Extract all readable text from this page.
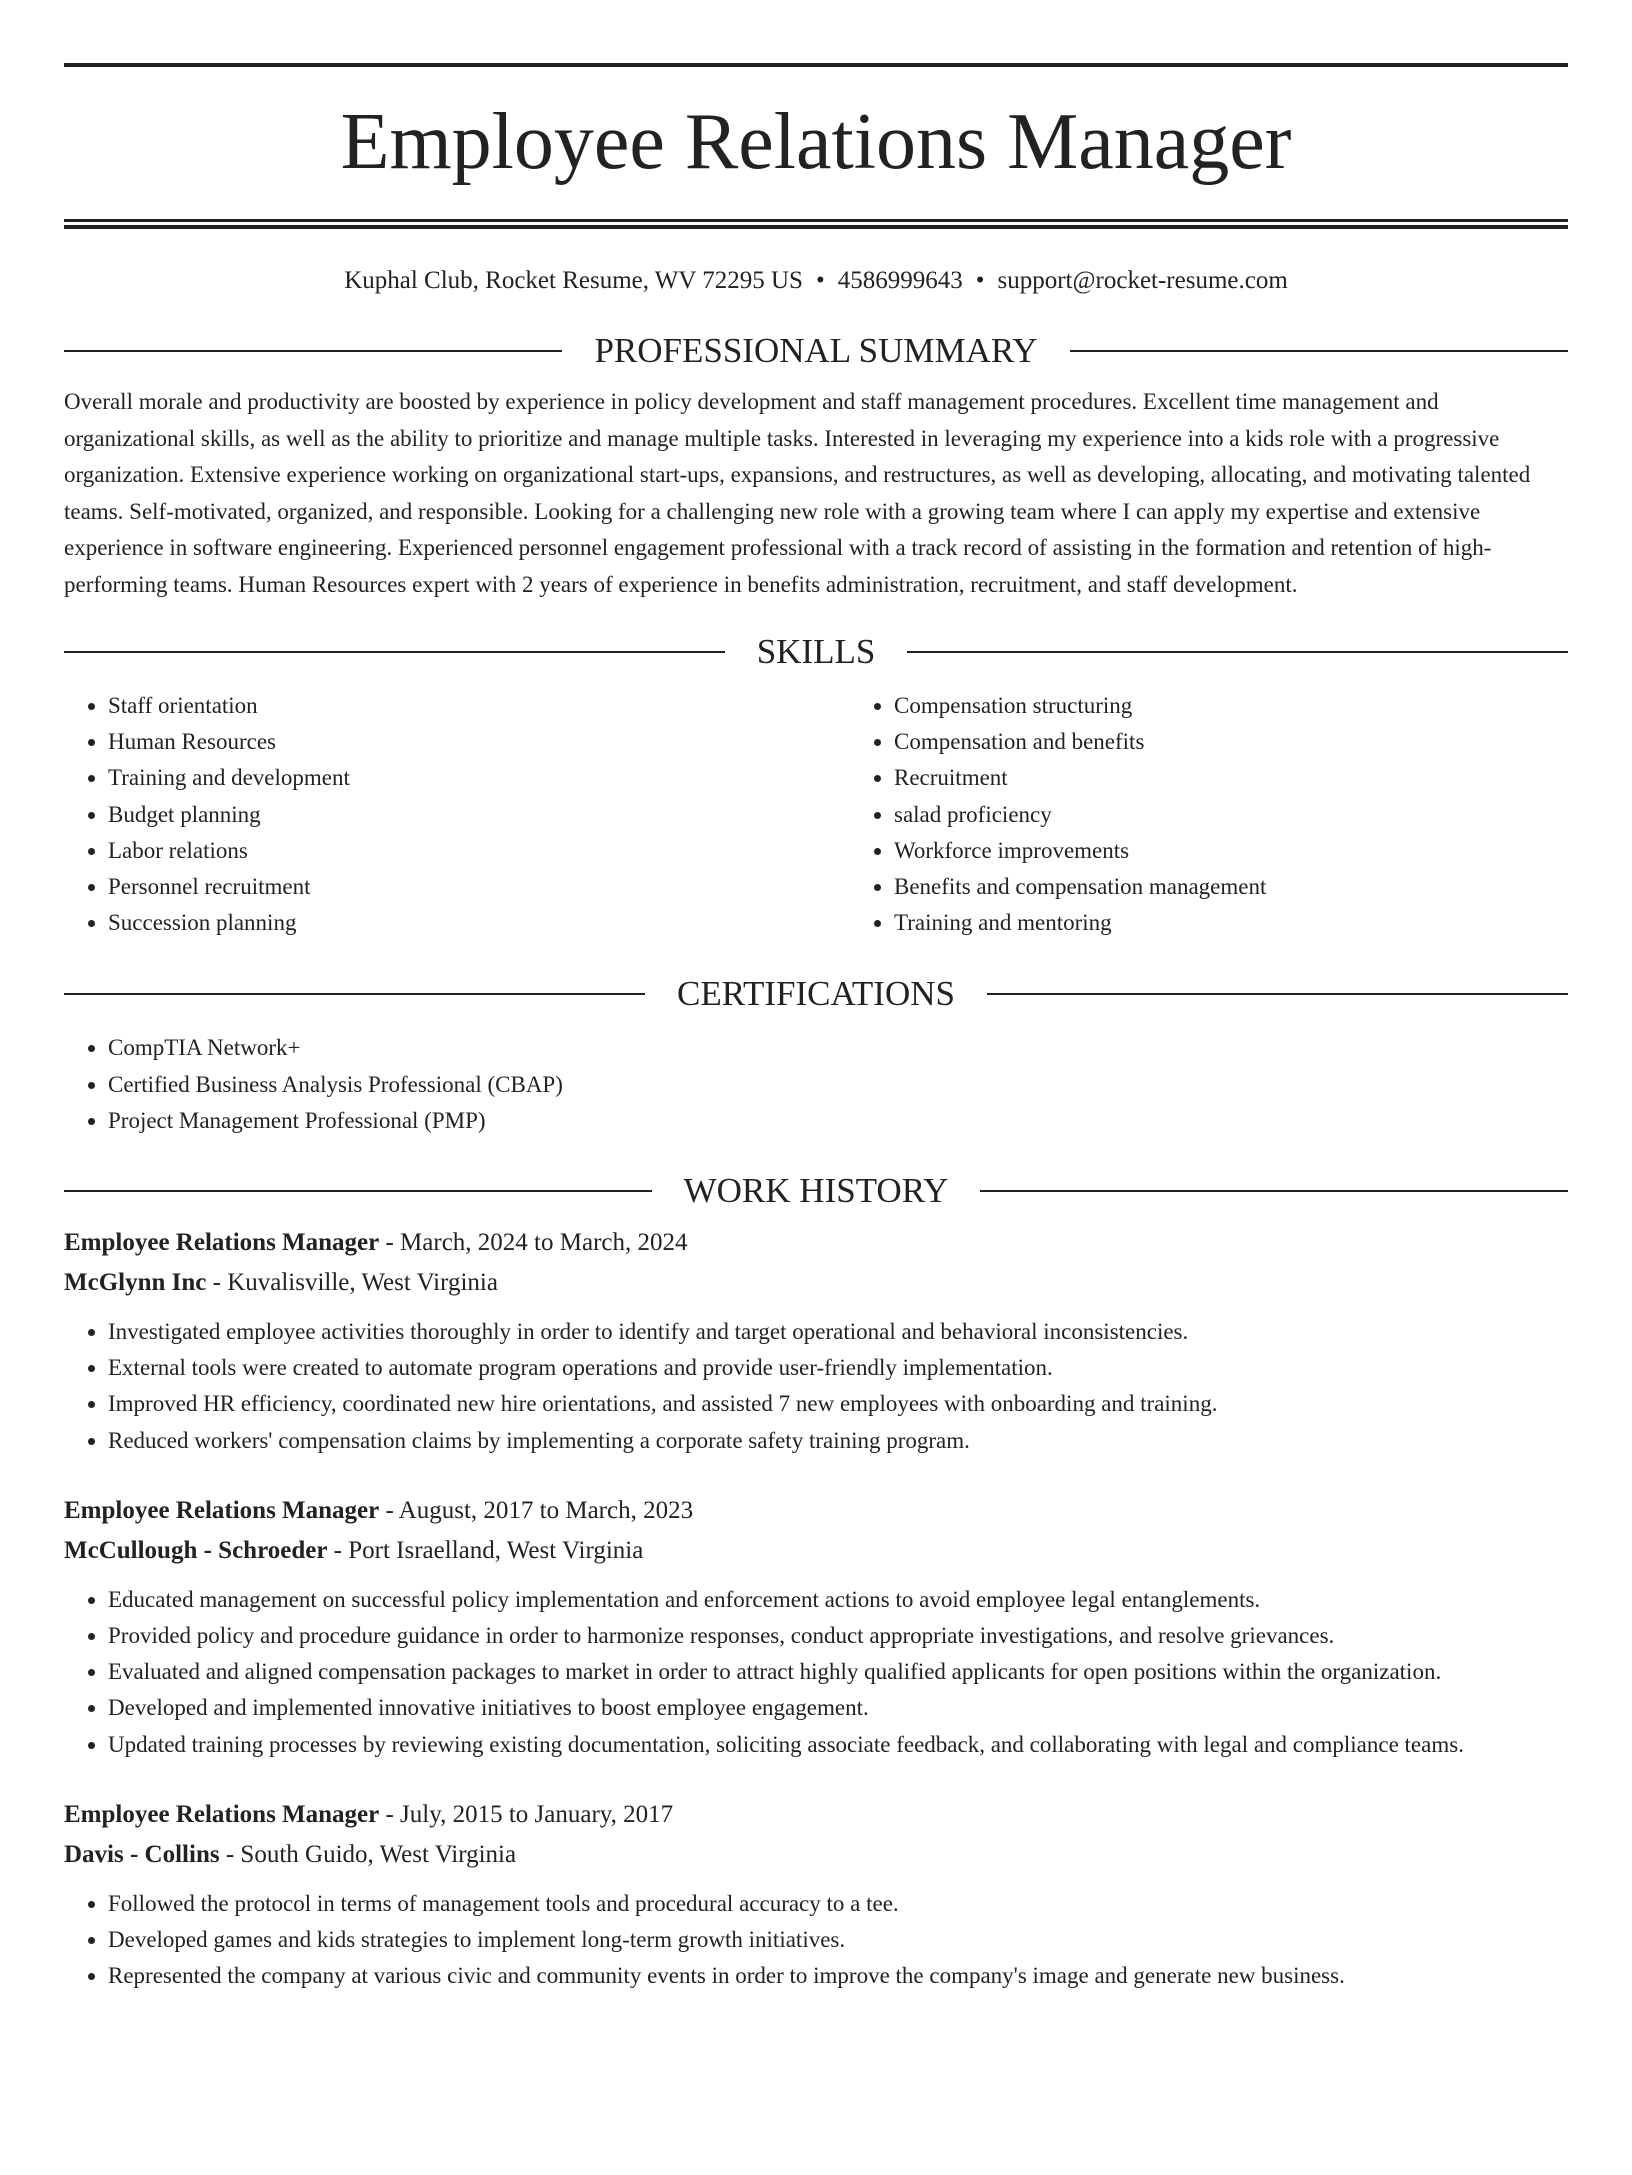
Employee Relations Manager
Kuphal Club, Rocket Resume, WV 72295 US • 4586999643 • support@rocket-resume.com
PROFESSIONAL SUMMARY

Overall morale and productivity are boosted by experience in policy development and staff management procedures. Excellent time management and organizational skills, as well as the ability to prioritize and manage multiple tasks. Interested in leveraging my experience into a kids role with a progressive organization. Extensive experience working on organizational start-ups, expansions, and restructures, as well as developing, allocating, and motivating talented teams. Self-motivated, organized, and responsible. Looking for a challenging new role with a growing team where I can apply my expertise and extensive experience in software engineering. Experienced personnel engagement professional with a track record of assisting in the formation and retention of high-performing teams. Human Resources expert with 2 years of experience in benefits administration, recruitment, and staff development.

SKILLS
• Staff orientation
• Human Resources
• Training and development
• Budget planning
• Labor relations
• Personnel recruitment
• Succession planning
• Compensation structuring
• Compensation and benefits
• Recruitment
• salad proficiency
• Workforce improvements
• Benefits and compensation management
• Training and mentoring
CERTIFICATIONS
• CompTIA Network+
• Certified Business Analysis Professional (CBAP)
• Project Management Professional (PMP)
WORK HISTORY
Employee Relations Manager - March, 2024 to March, 2024
McGlynn Inc - Kuvalisville, West Virginia
• Investigated employee activities thoroughly in order to identify and target operational and behavioral inconsistencies.
• External tools were created to automate program operations and provide user-friendly implementation.
• Improved HR efficiency, coordinated new hire orientations, and assisted 7 new employees with onboarding and training.
• Reduced workers' compensation claims by implementing a corporate safety training program.
Employee Relations Manager - August, 2017 to March, 2023
McCullough - Schroeder - Port Israelland, West Virginia
• Educated management on successful policy implementation and enforcement actions to avoid employee legal entanglements.
• Provided policy and procedure guidance in order to harmonize responses, conduct appropriate investigations, and resolve grievances.
• Evaluated and aligned compensation packages to market in order to attract highly qualified applicants for open positions within the organization.
• Developed and implemented innovative initiatives to boost employee engagement.
• Updated training processes by reviewing existing documentation, soliciting associate feedback, and collaborating with legal and compliance teams.
Employee Relations Manager - July, 2015 to January, 2017
Davis - Collins - South Guido, West Virginia
• Followed the protocol in terms of management tools and procedural accuracy to a tee.
• Developed games and kids strategies to implement long-term growth initiatives.
• Represented the company at various civic and community events in order to improve the company's image and generate new business.
